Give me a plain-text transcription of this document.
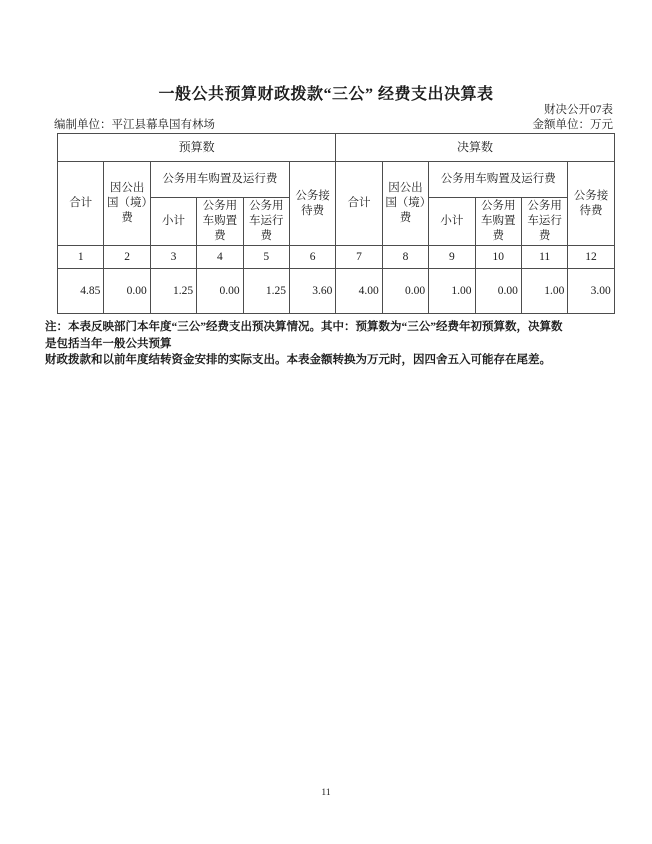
一般公共预算财政拨款“三公” 经费支出决算表
财决公开07表
编制单位：平江县幕阜国有林场	金额单位：万元
预算数						决算数					
合计	因公出国（境）费	公务用车购置及运行费			公务接待费	合计	因公出国（境）费	公务用车购置及运行费			公务接待费
		小计	公务用车购置费	公务用车运行费				小计	公务用车购置费	公务用车运行费	
1	2	3	4	5	6	7	8	9	10	11	12
4.85	0.00	1.25	0.00	1.25	3.60	4.00	0.00	1.00	0.00	1.00	3.00
注：本表反映部门本年度“三公”经费支出预决算情况。其中：预算数为“三公”经费年初预算数，决算数
是包括当年一般公共预算
财政拨款和以前年度结转资金安排的实际支出。本表金额转换为万元时，因四舍五入可能存在尾差。
11
